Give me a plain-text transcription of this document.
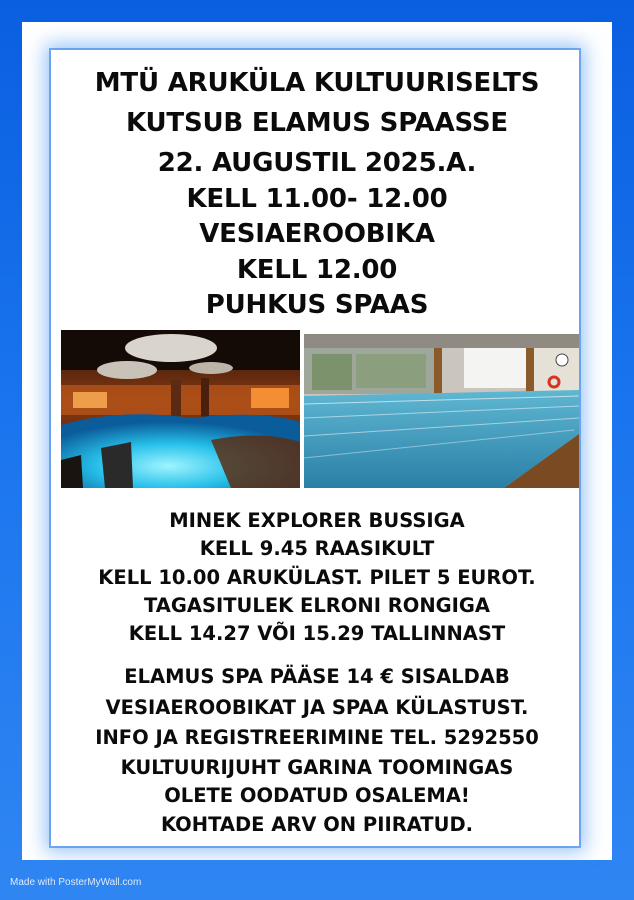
MTÜ ARUKÜLA KULTUURISELTS
KUTSUB ELAMUS SPAASSE
22. AUGUSTIL 2025.A.
KELL 11.00- 12.00
VESIAEROOBIKA
KELL 12.00
PUHKUS SPAAS
MINEK EXPLORER BUSSIGA
KELL 9.45 RAASIKULT
KELL 10.00 ARUKÜLAST. PILET 5 EUROT.
TAGASITULEK ELRONI RONGIGA
KELL 14.27 VÕI 15.29 TALLINNAST
ELAMUS SPA PÄÄSE 14 € SISALDAB
VESIAEROOBIKAT JA SPAA KÜLASTUST.
INFO JA REGISTREERIMINE TEL. 5292550
KULTUURIJUHT GARINA TOOMINGAS
OLETE OODATUD OSALEMA!
KOHTADE ARV ON PIIRATUD.
Made with PosterMyWall.com
